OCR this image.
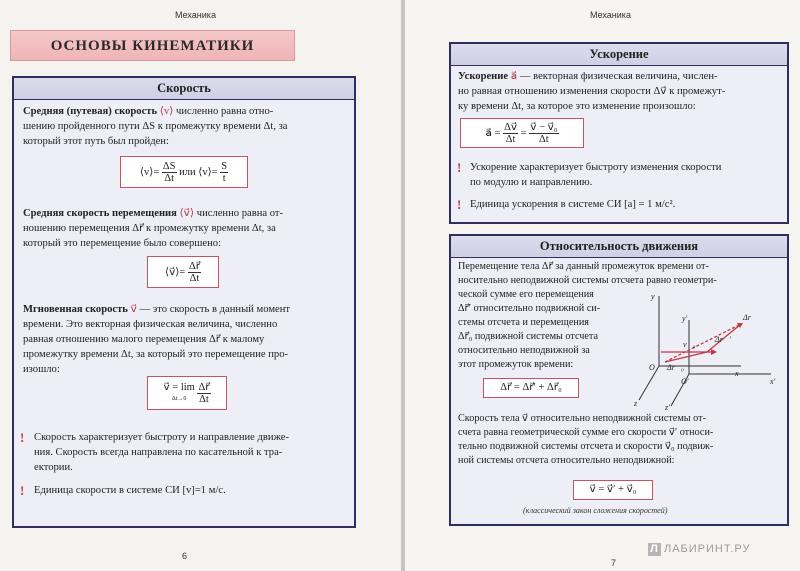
Механика
ОСНОВЫ КИНЕМАТИКИ
Скорость
Средняя (путевая) скорость ⟨v⟩ численно равна отно-
шению пройденного пути ΔS к промежутку времени Δt, за
который этот путь был пройден:
⟨v⟩= $\frac{\Delta S}{\Delta t}$ или ⟨v⟩= $\frac{S}{t}$
Средняя скорость перемещения ⟨v⃗⟩ численно равна от-
ношению перемещения Δr⃗ к промежутку времени Δt, за
который это перемещение было совершено:
⟨v⃗⟩= $\frac{\Delta r⃗}{\Delta t}$
Мгновенная скорость v⃗ — это скорость в данный момент
времени. Это векторная физическая величина, численно
равная отношению малого перемещения Δr⃗ к малому
промежутку времени Δt, за который это перемещение про-
изошло:
v⃗ = lim
$\Delta t\to 0 \frac{\Delta r⃗}{\Delta t}$
! Скорость характеризует быстроту и направление движе-
ния. Скорость всегда направлена по касательной к тра-
ектории.
! Единица скорости в системе СИ [v]=1 м/с.
6
Механика
Ускорение
Ускорение a⃗ — векторная физическая величина, числен-
но равная отношению изменения скорости Δv⃗ к промежут-
ку времени Δt, за которое это изменение произошло:
a⃗ = $\frac{\Delta v⃗}{\Delta t} = \frac{\text{v⃗ − v⃗₀}}{\Delta t}$
! Ускорение характеризует быстроту изменения скорости
по модулю и направлению.
! Единица ускорения в системе СИ [a] = 1 м/с².
Относительность движения
Перемещение тела Δr⃗ за данный промежуток времени от-
носительно неподвижной системы отсчета равно геометри-
ческой сумме его перемещения
Δr⃗′ относительно подвижной си-
стемы отсчета и перемещения
Δr⃗₀ подвижной системы отсчета
относительно неподвижной за
этот промежуток времени:
Δr⃗ = Δr⃗′ + Δr⃗₀
y
y′
x
x′
z	z′
O
O′
v⃗₀
Δr⃗₀
Δr⃗
Δr⃗′
Скорость тела v⃗ относительно неподвижной системы от-
счета равна геометрической сумме его скорости v⃗′ относи-
тельно подвижной системы отсчета и скорости v⃗₀ подвиж-
ной системы отсчета относительно неподвижной:
v⃗ = v⃗′ + v⃗₀
(классический закон сложения скоростей)
7
Л ЛАБИРИНТ.РУ
